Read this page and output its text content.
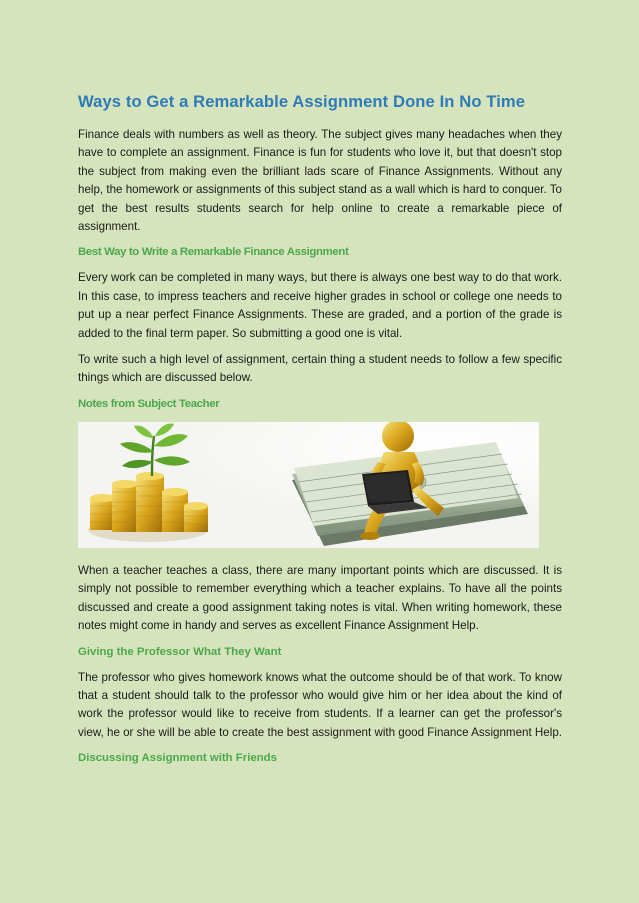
Ways to Get a Remarkable Assignment Done In No Time

Finance deals with numbers as well as theory. The subject gives many headaches when they have to complete an assignment. Finance is fun for students who love it, but that doesn't stop the subject from making even the brilliant lads scare of Finance Assignments. Without any help, the homework or assignments of this subject stand as a wall which is hard to conquer. To get the best results students search for help online to create a remarkable piece of assignment.

Best Way to Write a Remarkable Finance Assignment

Every work can be completed in many ways, but there is always one best way to do that work. In this case, to impress teachers and receive higher grades in school or college one needs to put up a near perfect Finance Assignments. These are graded, and a portion of the grade is added to the final term paper. So submitting a good one is vital.

To write such a high level of assignment, certain thing a student needs to follow a few specific things which are discussed below.

Notes from Subject Teacher

When a teacher teaches a class, there are many important points which are discussed. It is simply not possible to remember everything which a teacher explains. To have all the points discussed and create a good assignment taking notes is vital. When writing homework, these notes might come in handy and serves as excellent Finance Assignment Help.

Giving the Professor What They Want

The professor who gives homework knows what the outcome should be of that work. To know that a student should talk to the professor who would give him or her idea about the kind of work the professor would like to receive from students. If a learner can get the professor's view, he or she will be able to create the best assignment with good Finance Assignment Help.

Discussing Assignment with Friends
